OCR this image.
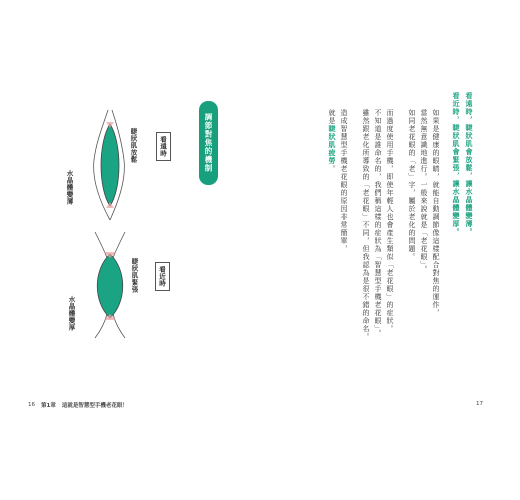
睫狀肌放鬆
水晶體變薄
看遠時
睫狀肌緊張
水晶體變厚
看近時
調節對焦的機制
16 第1章 這就是智慧型手機老花眼！
看遠時，睫狀肌會放鬆，讓水晶體變薄。
看近時，睫狀肌會緊張，讓水晶體變厚。
如果是健康的眼睛，就能自動調節像這樣配合對焦的運作，
當然無意識地進行。一般來說就是「老花眼」。
如同老花眼的「老」字，屬於老化的問題。
而過度使用手機，即使年輕人也會產生類似「老花眼」的症狀。
不知道是誰命名的，我們稱這樣的症狀為「智慧型手機老花眼」。
雖然跟老化所導致的「老花眼」不同，但我認為是很不錯的命名。
造成智慧型手機老花眼的原因非常簡單，
就是睫狀肌疲勞。
17
